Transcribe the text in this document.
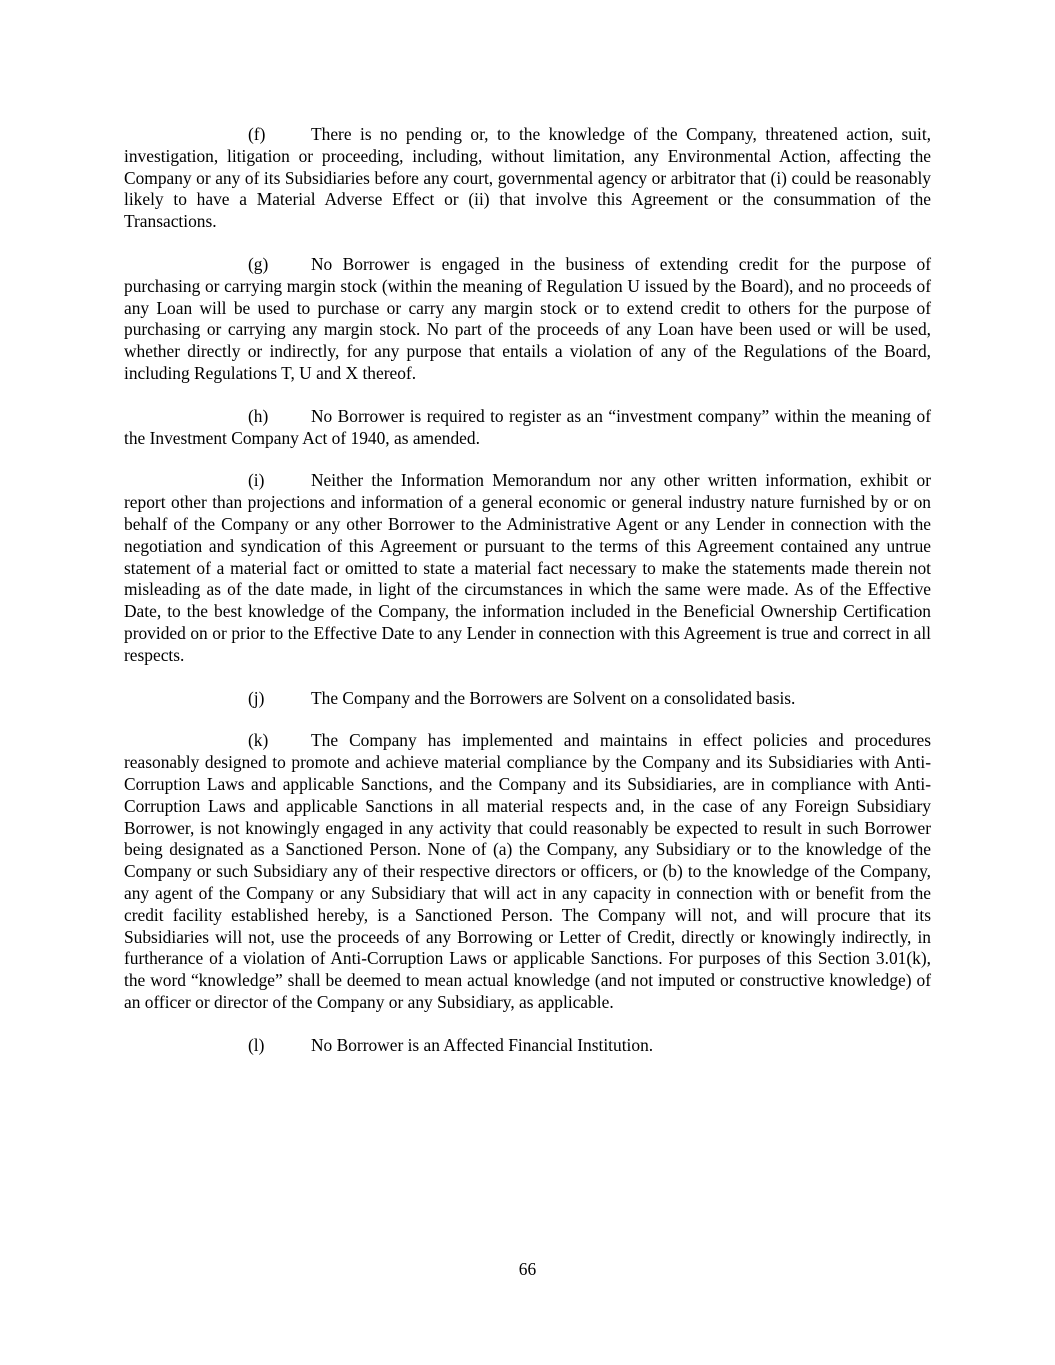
(f)	There is no pending or, to the knowledge of the Company, threatened action, suit, investigation, litigation or proceeding, including, without limitation, any Environmental Action, affecting the Company or any of its Subsidiaries before any court, governmental agency or arbitrator that (i) could be reasonably likely to have a Material Adverse Effect or (ii) that involve this Agreement or the consummation of the Transactions.

(g) No Borrower is engaged in the business of extending credit for the purpose of purchasing or carrying margin stock (within the meaning of Regulation U issued by the Board), and no proceeds of any Loan will be used to purchase or carry any margin stock or to extend credit to others for the purpose of purchasing or carrying any margin stock. No part of the proceeds of any Loan have been used or will be used, whether directly or indirectly, for any purpose that entails a violation of any of the Regulations of the Board, including Regulations T, U and X thereof.

(h) No Borrower is required to register as an “investment company” within the meaning of the Investment Company Act of 1940, as amended.

(i)	Neither the Information Memorandum nor any other written information, exhibit or report other than projections and information of a general economic or general industry nature furnished by or on behalf of the Company or any other Borrower to the Administrative Agent or any Lender in connection with the negotiation and syndication of this Agreement or pursuant to the terms of this Agreement contained any untrue statement of a material fact or omitted to state a material fact necessary to make the statements made therein not misleading as of the date made, in light of the circumstances in which the same were made. As of the Effective Date, to the best knowledge of the Company, the information included in the Beneficial Ownership Certification provided on or prior to the Effective Date to any Lender in connection with this Agreement is true and correct in all respects.

(j)	The Company and the Borrowers are Solvent on a consolidated basis.

(k) The Company has implemented and maintains in effect policies and procedures reasonably designed to promote and achieve material compliance by the Company and its Subsidiaries with Anti-Corruption Laws and applicable Sanctions, and the Company and its Subsidiaries, are in compliance with Anti-Corruption Laws and applicable Sanctions in all material respects and, in the case of any Foreign Subsidiary Borrower, is not knowingly engaged in any activity that could reasonably be expected to result in such Borrower being designated as a Sanctioned Person. None of (a) the Company, any Subsidiary or to the knowledge of the Company or such Subsidiary any of their respective directors or officers, or (b) to the knowledge of the Company, any agent of the Company or any Subsidiary that will act in any capacity in connection with or benefit from the credit facility established hereby, is a Sanctioned Person. The Company will not, and will procure that its Subsidiaries will not, use the proceeds of any Borrowing or Letter of Credit, directly or knowingly indirectly, in furtherance of a violation of Anti-Corruption Laws or applicable Sanctions. For purposes of this Section 3.01(k), the word “knowledge” shall be deemed to mean actual knowledge (and not imputed or constructive knowledge) of an officer or director of the Company or any Subsidiary, as applicable.

(l)	No Borrower is an Affected Financial Institution.

66
